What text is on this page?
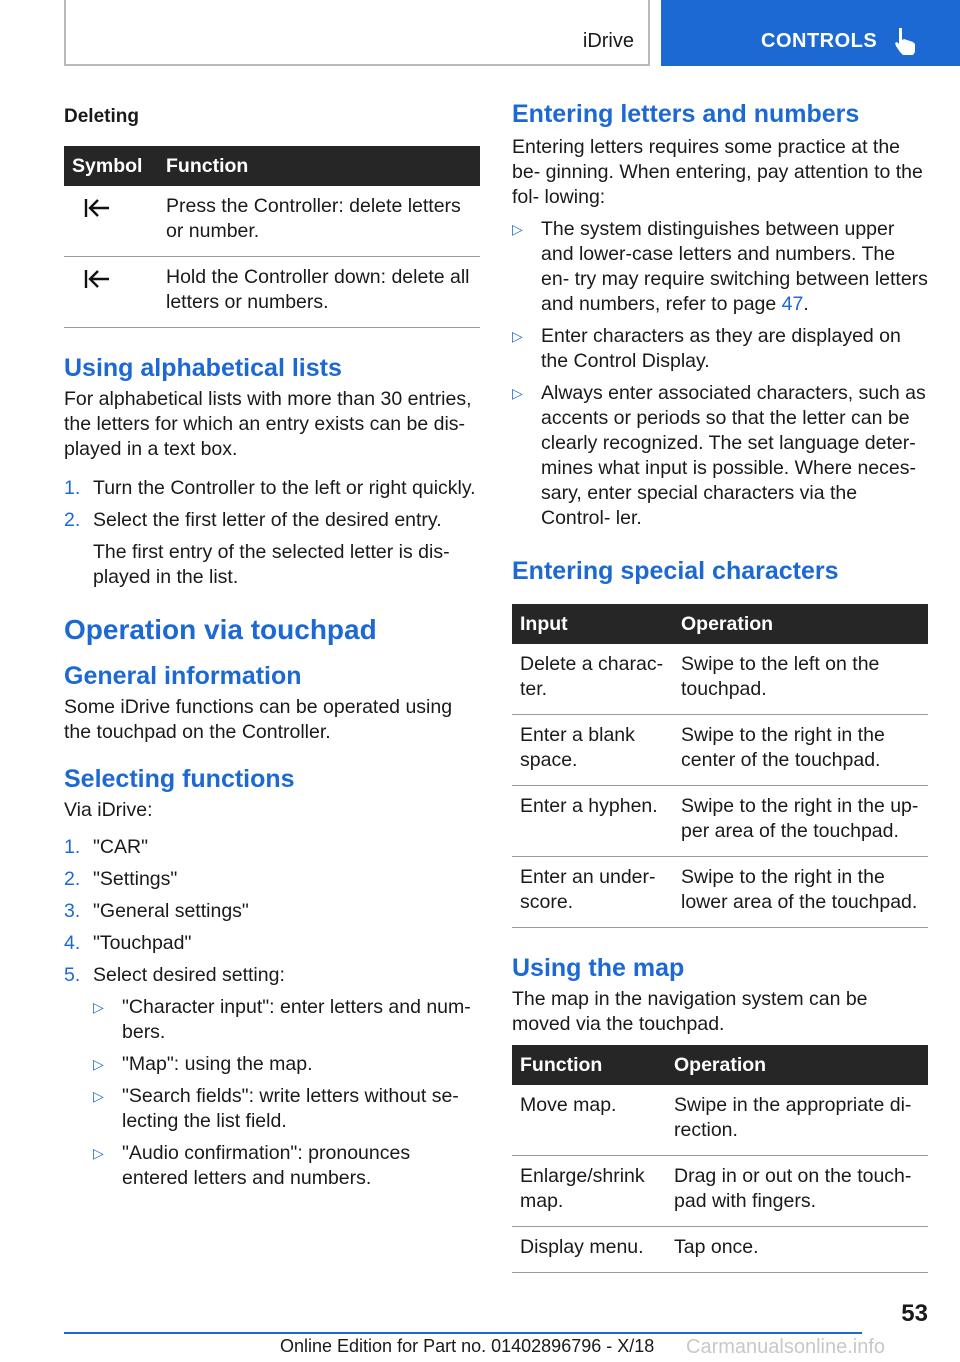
iDrive	CONTROLS
Deleting
Symbol	Function
	Press the Controller: delete letters or number.
	Hold the Controller down: delete all letters or numbers.
Using alphabetical lists

For alphabetical lists with more than 30 entries, the letters for which an entry exists can be dis‐ played in a text box.

1. Turn the Controller to the left or right quickly.
2. Select the first letter of the desired entry.

The first entry of the selected letter is dis‐ played in the list.

Operation via touchpad
General information

Some iDrive functions can be operated using the touchpad on the Controller.

Selecting functions

Via iDrive:

1. "CAR"
2. "Settings"
3. "General settings"
4. "Touchpad"
5. Select desired setting:
▷ "Character input": enter letters and num‐ bers.
▷ "Map": using the map.
▷ "Search fields": write letters without se‐ lecting the list field.
▷ "Audio confirmation": pronounces entered letters and numbers.
Entering letters and numbers

Entering letters requires some practice at the be‐ ginning. When entering, pay attention to the fol‐ lowing:

▷ The system distinguishes between upper and lower-case letters and numbers. The en‐ try may require switching between letters and numbers, refer to page 47.
▷ Enter characters as they are displayed on the Control Display.
▷ Always enter associated characters, such as accents or periods so that the letter can be clearly recognized. The set language deter‐ mines what input is possible. Where neces‐ sary, enter special characters via the Control‐ ler.
Entering special characters
Input	Operation
Delete a charac‐ ter.	Swipe to the left on the touchpad.
Enter a blank space.	Swipe to the right in the center of the touchpad.
Enter a hyphen.	Swipe to the right in the up‐ per area of the touchpad.
Enter an under‐ score.	Swipe to the right in the lower area of the touchpad.
Using the map

The map in the navigation system can be moved via the touchpad.

Function	Operation
Move map.	Swipe in the appropriate di‐ rection.
Enlarge/shrink map.	Drag in or out on the touch‐ pad with fingers.
Display menu.	Tap once.
53
Online Edition for Part no. 01402896796 - X/18 Carmanualsonline.info
